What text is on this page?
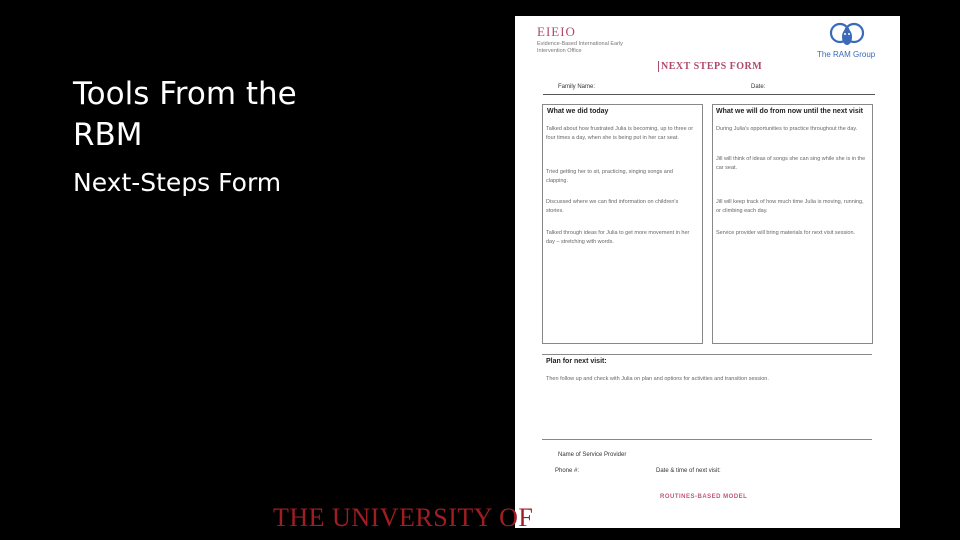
Tools From the RBM

Next-Steps Form

EIEIO
Evidence-Based International Early Intervention Office	The RAM Group
NEXT STEPS FORM
Family Name:	Date:
What we did today
Talked about how frustrated Julia is becoming, up to three or four times a day, when she is being put in her car seat.
Tried getting her to sit, practicing, singing songs and clapping.
Discussed where we can find information on children's stories.
Talked through ideas for Julia to get more movement in her day – stretching with words.
What we will do from now until the next visit
During Julia's opportunities to practice throughout the day.
Jill will think of ideas of songs she can sing while she is in the car seat.
Jill will keep track of how much time Julia is moving, running, or climbing each day.
Service provider will bring materials for next visit session.
Plan for next visit:
Then follow up and check with Julia on plan and options for activities and transition session.
Name of Service Provider
Phone #:	Date & time of next visit:
ROUTINES-BASED MODEL
THE UNIVERSITY OF
